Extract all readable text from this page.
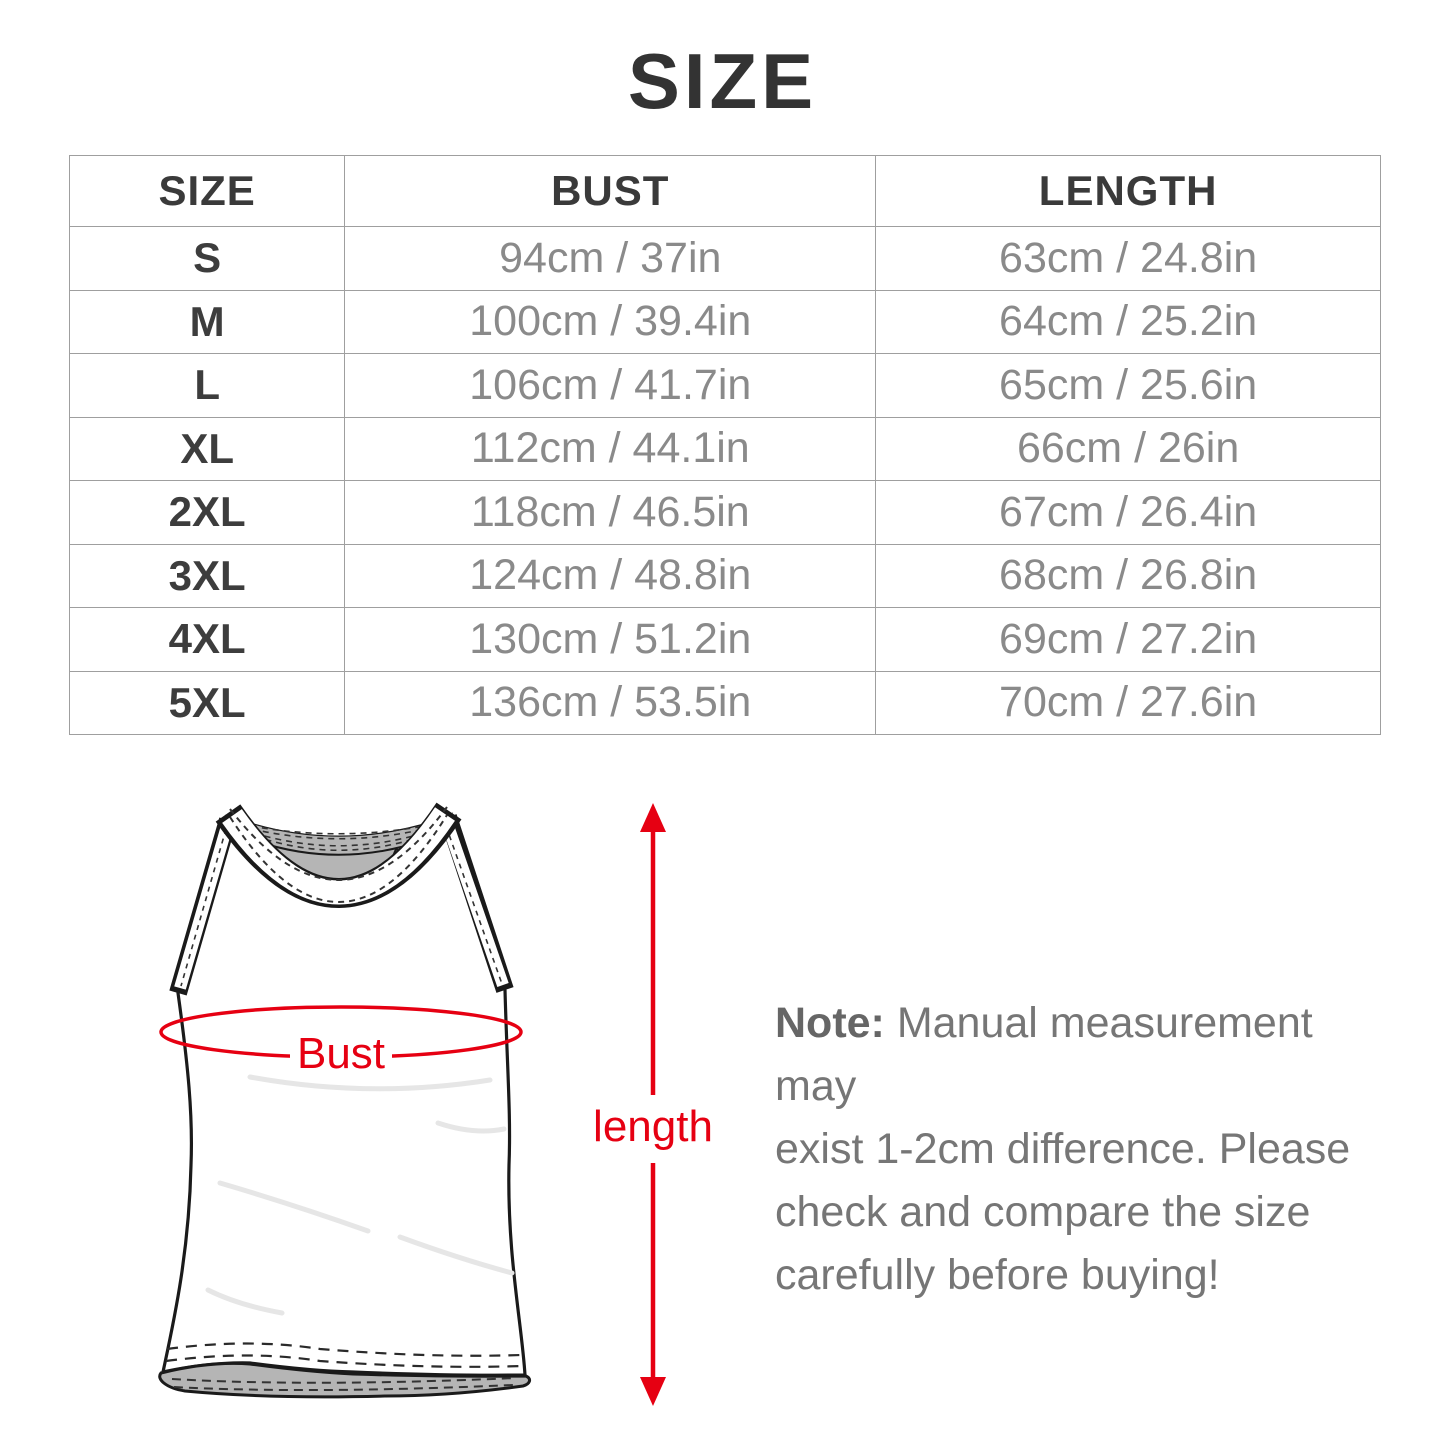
SIZE
SIZE	BUST	LENGTH
S	94cm / 37in	63cm / 24.8in
M	100cm / 39.4in	64cm / 25.2in
L	106cm / 41.7in	65cm / 25.6in
XL	112cm / 44.1in	66cm / 26in
2XL	118cm / 46.5in	67cm / 26.4in
3XL	124cm / 48.8in	68cm / 26.8in
4XL	130cm / 51.2in	69cm / 27.2in
5XL	136cm / 53.5in	70cm / 27.6in
Bust
length
Note: Manual measurement may
exist 1-2cm difference. Please
check and compare the size
carefully before buying!
